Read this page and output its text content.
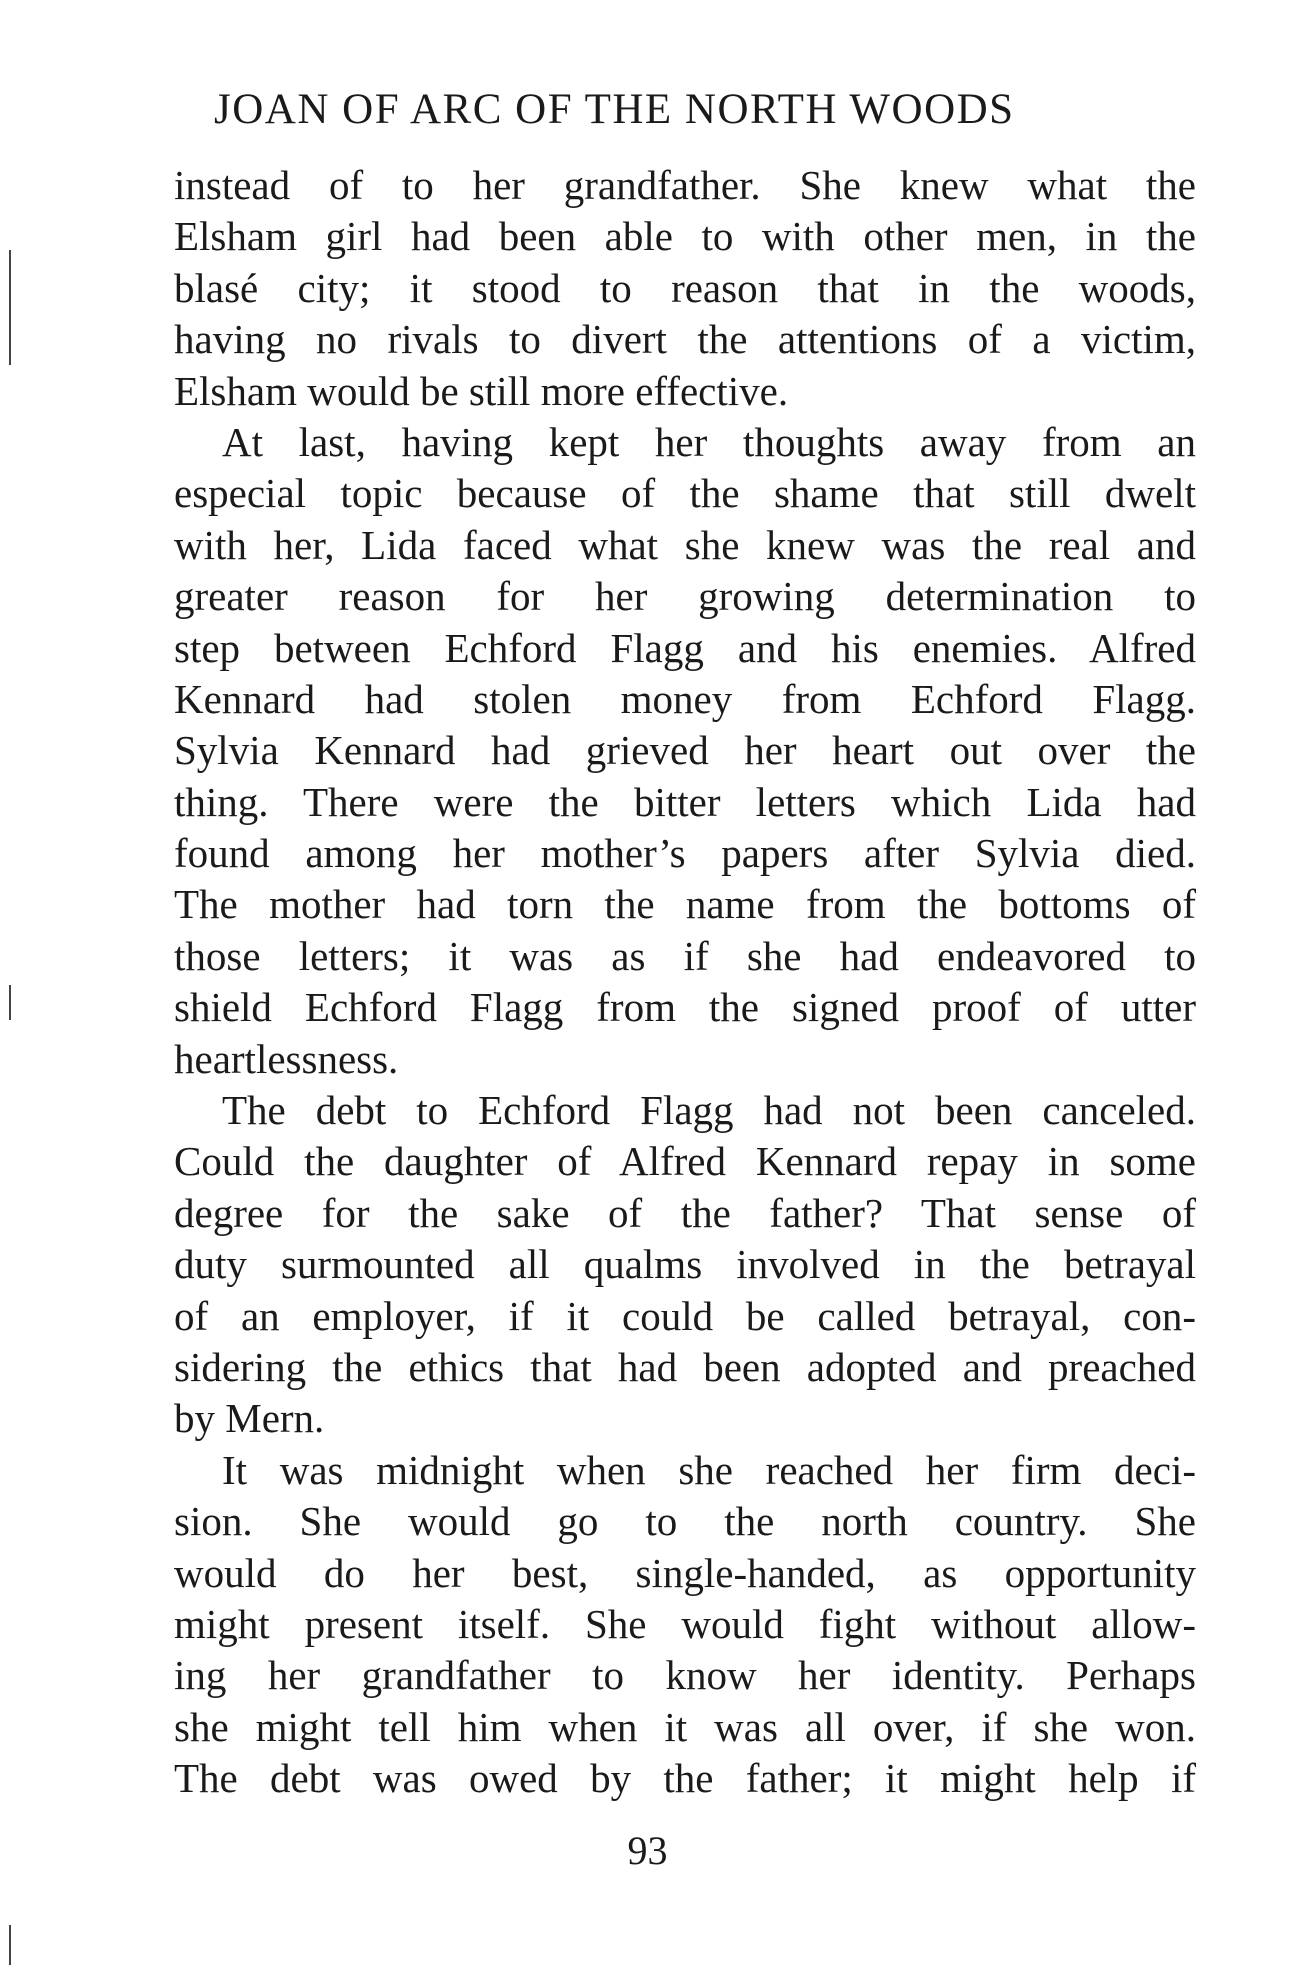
JOAN OF ARC OF THE NORTH WOODS
instead of to her grandfather. She knew what the
Elsham girl had been able to with other men, in the
blasé city; it stood to reason that in the woods,
having no rivals to divert the attentions of a victim,
Elsham would be still more effective.
At last, having kept her thoughts away from an
especial topic because of the shame that still dwelt
with her, Lida faced what she knew was the real and
greater reason for her growing determination to
step between Echford Flagg and his enemies. Alfred
Kennard had stolen money from Echford Flagg.
Sylvia Kennard had grieved her heart out over the
thing. There were the bitter letters which Lida had
found among her mother’s papers after Sylvia died.
The mother had torn the name from the bottoms of
those letters; it was as if she had endeavored to
shield Echford Flagg from the signed proof of utter
heartlessness.
The debt to Echford Flagg had not been canceled.
Could the daughter of Alfred Kennard repay in some
degree for the sake of the father? That sense of
duty surmounted all qualms involved in the betrayal
of an employer, if it could be called betrayal, con-
sidering the ethics that had been adopted and preached
by Mern.
It was midnight when she reached her firm deci-
sion. She would go to the north country. She
would do her best, single-handed, as opportunity
might present itself. She would fight without allow-
ing her grandfather to know her identity. Perhaps
she might tell him when it was all over, if she won.
The debt was owed by the father; it might help if
93
